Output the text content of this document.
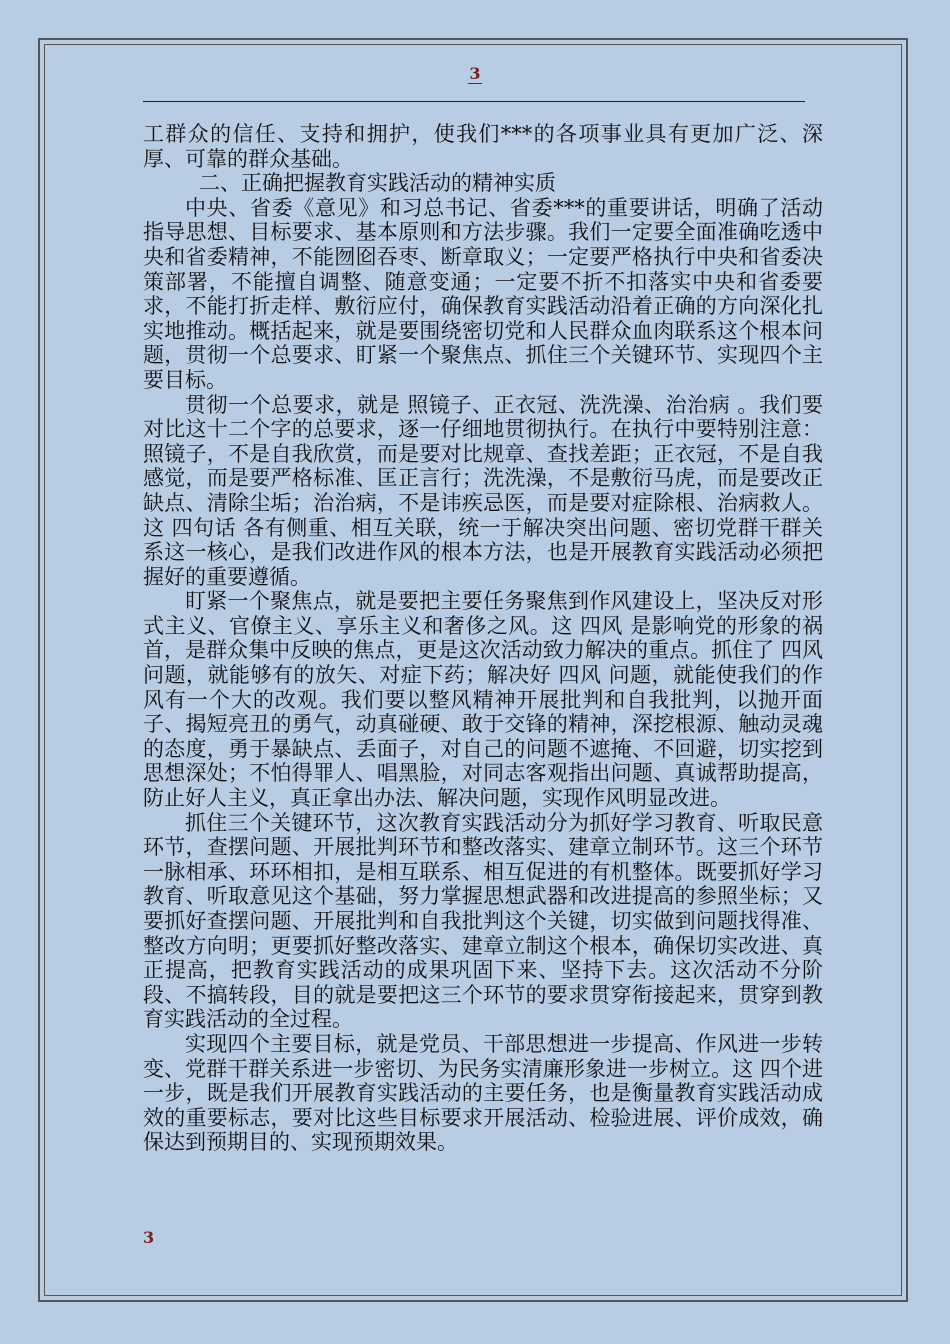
3

工群众的信任、支持和拥护，使我们***的各项事业具有更加广泛、深厚、可靠的群众基础。

二、正确把握教育实践活动的精神实质

中央、省委《意见》和习总书记、省委***的重要讲话，明确了活动指导思想、目标要求、基本原则和方法步骤。我们一定要全面准确吃透中央和省委精神，不能囫囵吞枣、断章取义；一定要严格执行中央和省委决策部署，不能擅自调整、随意变通；一定要不折不扣落实中央和省委要求，不能打折走样、敷衍应付，确保教育实践活动沿着正确的方向深化扎实地推动。概括起来，就是要围绕密切党和人民群众血肉联系这个根本问题，贯彻一个总要求、盯紧一个聚焦点、抓住三个关键环节、实现四个主要目标。

贯彻一个总要求，就是 照镜子、正衣冠、洗洗澡、治治病 。我们要对比这十二个字的总要求，逐一仔细地贯彻执行。在执行中要特别注意：照镜子，不是自我欣赏，而是要对比规章、查找差距；正衣冠，不是自我感觉，而是要严格标准、匡正言行；洗洗澡，不是敷衍马虎，而是要改正缺点、清除尘垢；治治病，不是讳疾忌医，而是要对症除根、治病救人。这 四句话 各有侧重、相互关联，统一于解决突出问题、密切党群干群关系这一核心，是我们改进作风的根本方法，也是开展教育实践活动必须把握好的重要遵循。

盯紧一个聚焦点，就是要把主要任务聚焦到作风建设上，坚决反对形式主义、官僚主义、享乐主义和奢侈之风。这 四风 是影响党的形象的祸首，是群众集中反映的焦点，更是这次活动致力解决的重点。抓住了 四风 问题，就能够有的放矢、对症下药；解决好 四风 问题，就能使我们的作风有一个大的改观。我们要以整风精神开展批判和自我批判，以抛开面子、揭短亮丑的勇气，动真碰硬、敢于交锋的精神，深挖根源、触动灵魂的态度，勇于暴缺点、丢面子，对自己的问题不遮掩、不回避，切实挖到思想深处；不怕得罪人、唱黑脸，对同志客观指出问题、真诚帮助提高，防止好人主义，真正拿出办法、解决问题，实现作风明显改进。

抓住三个关键环节，这次教育实践活动分为抓好学习教育、听取民意环节，查摆问题、开展批判环节和整改落实、建章立制环节。这三个环节一脉相承、环环相扣，是相互联系、相互促进的有机整体。既要抓好学习教育、听取意见这个基础，努力掌握思想武器和改进提高的参照坐标；又要抓好查摆问题、开展批判和自我批判这个关键，切实做到问题找得准、整改方向明；更要抓好整改落实、建章立制这个根本，确保切实改进、真正提高，把教育实践活动的成果巩固下来、坚持下去。这次活动不分阶段、不搞转段，目的就是要把这三个环节的要求贯穿衔接起来，贯穿到教育实践活动的全过程。

实现四个主要目标，就是党员、干部思想进一步提高、作风进一步转变、党群干群关系进一步密切、为民务实清廉形象进一步树立。这 四个进一步，既是我们开展教育实践活动的主要任务，也是衡量教育实践活动成效的重要标志，要对比这些目标要求开展活动、检验进展、评价成效，确保达到预期目的、实现预期效果。

3
